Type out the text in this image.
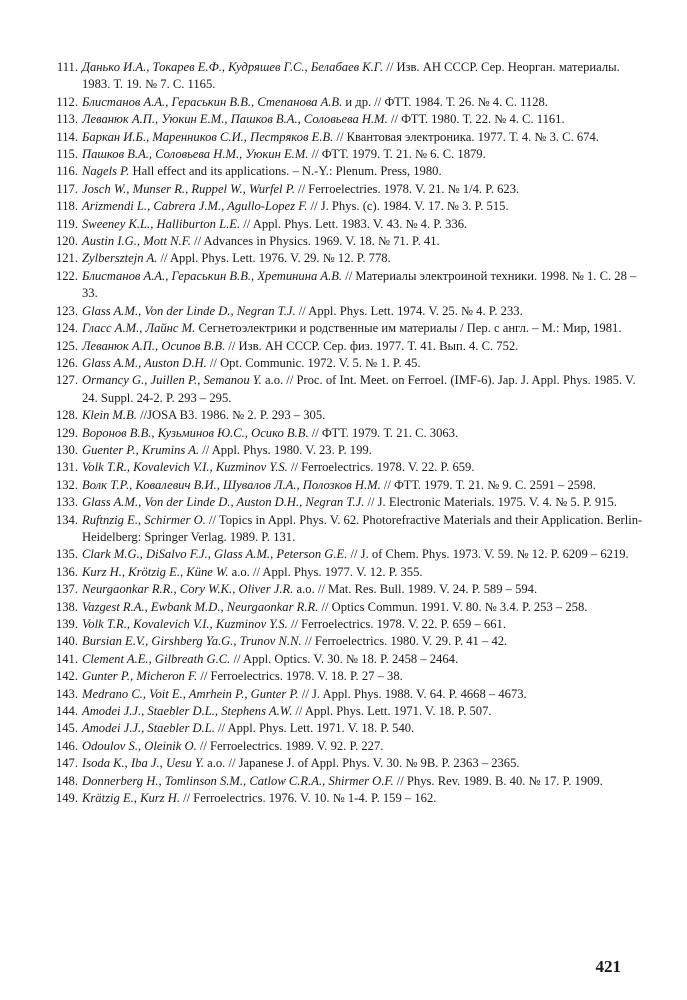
111. Данько И.А., Токарев Е.Ф., Кудряшев Г.С., Белабаев К.Г. // Изв. АН СССР. Сер. Неорган. материалы. 1983. Т. 19. № 7. С. 1165.
112. Блистанов А.А., Гераськин В.В., Степанова А.В. и др. // ФТТ. 1984. Т. 26. № 4. С. 1128.
113. Леванюк А.П., Уюкин Е.М., Пашков В.А., Соловьева Н.М. // ФТТ. 1980. Т. 22. № 4. С. 1161.
114. Баркан И.Б., Маренников С.И., Пестряков Е.В. // Квантовая электроника. 1977. Т. 4. № 3. С. 674.
115. Пашков В.А., Соловьева Н.М., Уюкин Е.М. // ФТТ. 1979. Т. 21. № 6. С. 1879.
116. Nagels P. Hall effect and its applications. – N.-Y.: Plenum. Press, 1980.
117. Josch W., Munser R., Ruppel W., Wurfel P. // Ferroelectries. 1978. V. 21. № 1/4. P. 623.
118. Arizmendi L., Cabrera J.M., Agullo-Lopez F. // J. Phys. (c). 1984. V. 17. № 3. P. 515.
119. Sweeney K.L., Halliburton L.E. // Appl. Phys. Lett. 1983. V. 43. № 4. P. 336.
120. Austin I.G., Mott N.F. // Advances in Physics. 1969. V. 18. № 71. P. 41.
121. Zylbersztejn A. // Appl. Phys. Lett. 1976. V. 29. № 12. P. 778.
122. Блистанов А.А., Гераськин В.В., Хретинина А.В. // Материалы электроиной техники. 1998. № 1. С. 28 – 33.
123. Glass A.M., Von der Linde D., Negran T.J. // Appl. Phys. Lett. 1974. V. 25. № 4. P. 233.
124. Гласс А.М., Лайнс М. Сегнетоэлектрики и родственные им материалы / Пер. с англ. – М.: Мир, 1981.
125. Леванюк А.П., Осипов В.В. // Изв. АН СССР. Сер. физ. 1977. Т. 41. Вып. 4. С. 752.
126. Glass A.M., Auston D.H. // Opt. Communic. 1972. V. 5. № 1. P. 45.
127. Ormancy G., Juillen P., Semanou Y. a.o. // Proc. of Int. Meet. on Ferroel. (IMF-6). Jap. J. Appl. Phys. 1985. V. 24. Suppl. 24-2. P. 293 – 295.
128. Klein M.B. //JOSA B3. 1986. № 2. P. 293 – 305.
129. Воронов В.В., Кузьминов Ю.С., Осико В.В. // ФТТ. 1979. Т. 21. С. 3063.
130. Guenter P., Krumins A. // Appl. Phys. 1980. V. 23. P. 199.
131. Volk T.R., Kovalevich V.I., Kuzminov Y.S. // Ferroelectrics. 1978. V. 22. P. 659.
132. Волк Т.Р., Ковалевич В.И., Шувалов Л.А., Полозков Н.М. // ФТТ. 1979. Т. 21. № 9. С. 2591 – 2598.
133. Glass A.M., Von der Linde D., Auston D.H., Negran T.J. // J. Electronic Materials. 1975. V. 4. № 5. P. 915.
134. Ruftnzig E., Schirmer O. // Topics in Appl. Phys. V. 62. Photorefractive Materials and their Application. Berlin-Heidelberg: Springer Verlag. 1989. P. 131.
135. Clark M.G., DiSalvo F.J., Glass A.M., Peterson G.E. // J. of Chem. Phys. 1973. V. 59. № 12. P. 6209 – 6219.
136. Kurz H., Krötzig E., Küne W. a.o. // Appl. Phys. 1977. V. 12. P. 355.
137. Neurgaonkar R.R., Cory W.K., Oliver J.R. a.o. // Mat. Res. Bull. 1989. V. 24. P. 589 – 594.
138. Vazgest R.A., Ewbank M.D., Neurgaonkar R.R. // Optics Commun. 1991. V. 80. № 3.4. P. 253 – 258.
139. Volk T.R., Kovalevich V.I., Kuzminov Y.S. // Ferroelectrics. 1978. V. 22. P. 659 – 661.
140. Bursian E.V., Girshberg Ya.G., Trunov N.N. // Ferroelectrics. 1980. V. 29. P. 41 – 42.
141. Clement A.E., Gilbreath G.C. // Appl. Optics. V. 30. № 18. P. 2458 – 2464.
142. Gunter P., Micheron F. // Ferroelectrics. 1978. V. 18. P. 27 – 38.
143. Medrano C., Voit E., Amrhein P., Gunter P. // J. Appl. Phys. 1988. V. 64. P. 4668 – 4673.
144. Amodei J.J., Staebler D.L., Stephens A.W. // Appl. Phys. Lett. 1971. V. 18. P. 507.
145. Amodei J.J., Staebler D.L. // Appl. Phys. Lett. 1971. V. 18. P. 540.
146. Odoulov S., Oleinik O. // Ferroelectrics. 1989. V. 92. P. 227.
147. Isoda K., Iba J., Uesu Y. a.o. // Japanese J. of Appl. Phys. V. 30. № 9B. P. 2363 – 2365.
148. Donnerberg H., Tomlinson S.M., Catlow C.R.A., Shirmer O.F. // Phys. Rev. 1989. B. 40. № 17. P. 1909.
149. Krätzig E., Kurz H. // Ferroelectrics. 1976. V. 10. № 1-4. P. 159 – 162.
421
